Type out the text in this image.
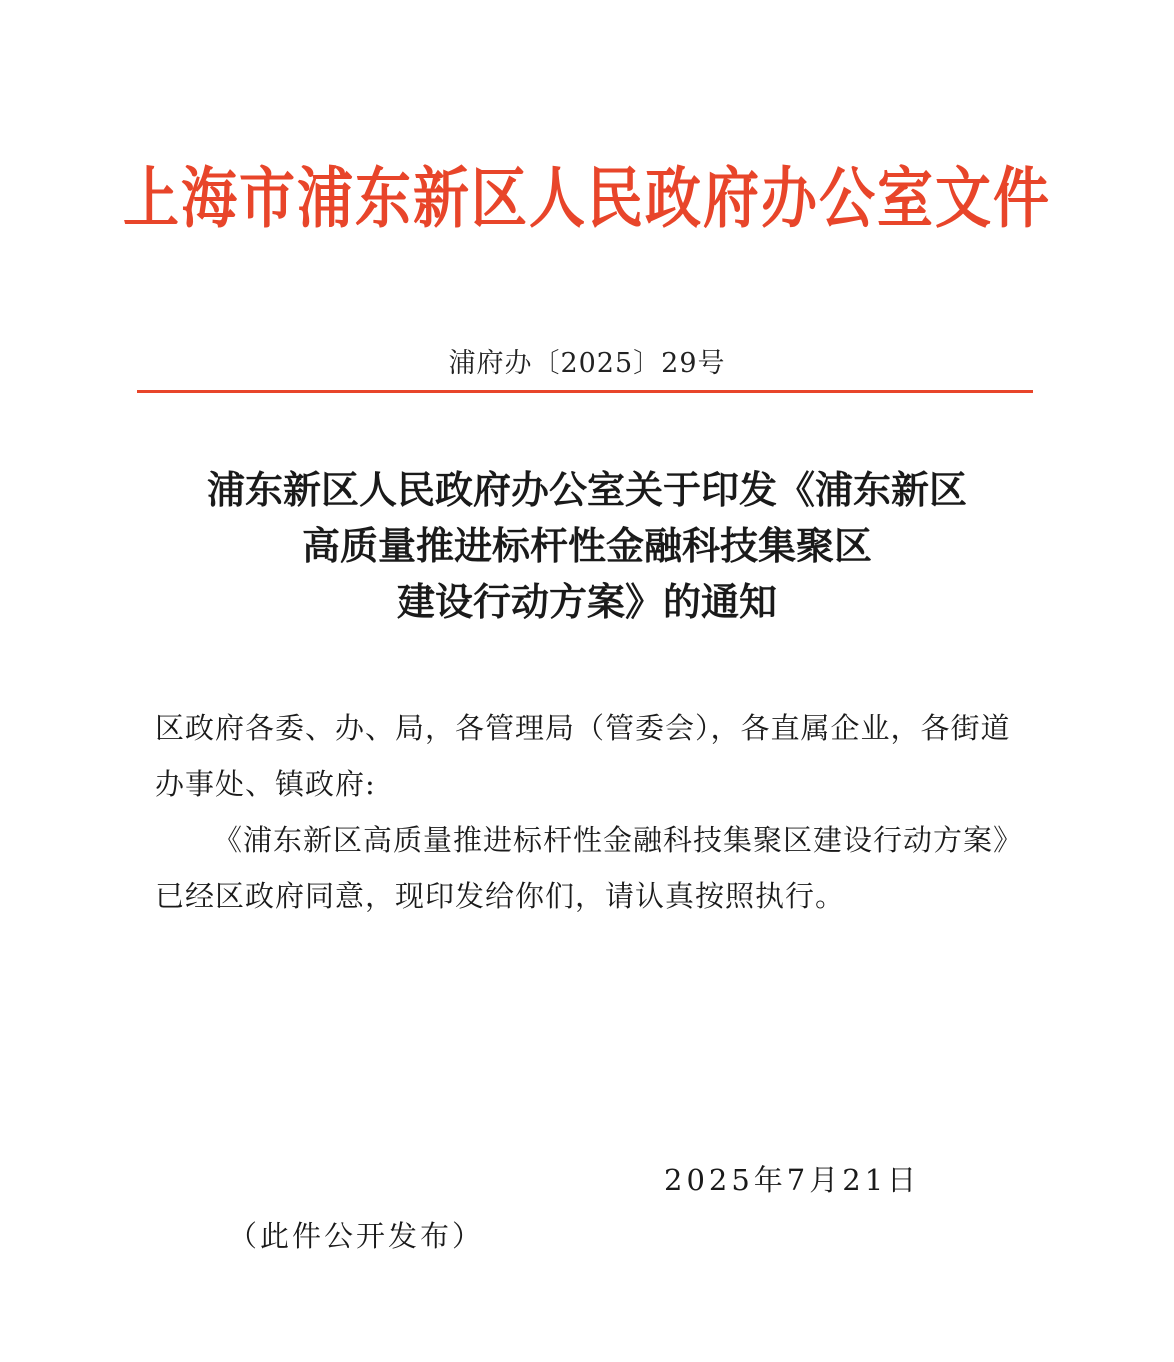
上海市浦东新区人民政府办公室文件
浦府办〔2025〕29号
浦东新区人民政府办公室关于印发《浦东新区
高质量推进标杆性金融科技集聚区
建设行动方案》的通知

区政府各委、办、局，各管理局（管委会），各直属企业，各街道办事处、镇政府:

《浦东新区高质量推进标杆性金融科技集聚区建设行动方案》已经区政府同意，现印发给你们，请认真按照执行。

2025年7月21日
（此件公开发布）
